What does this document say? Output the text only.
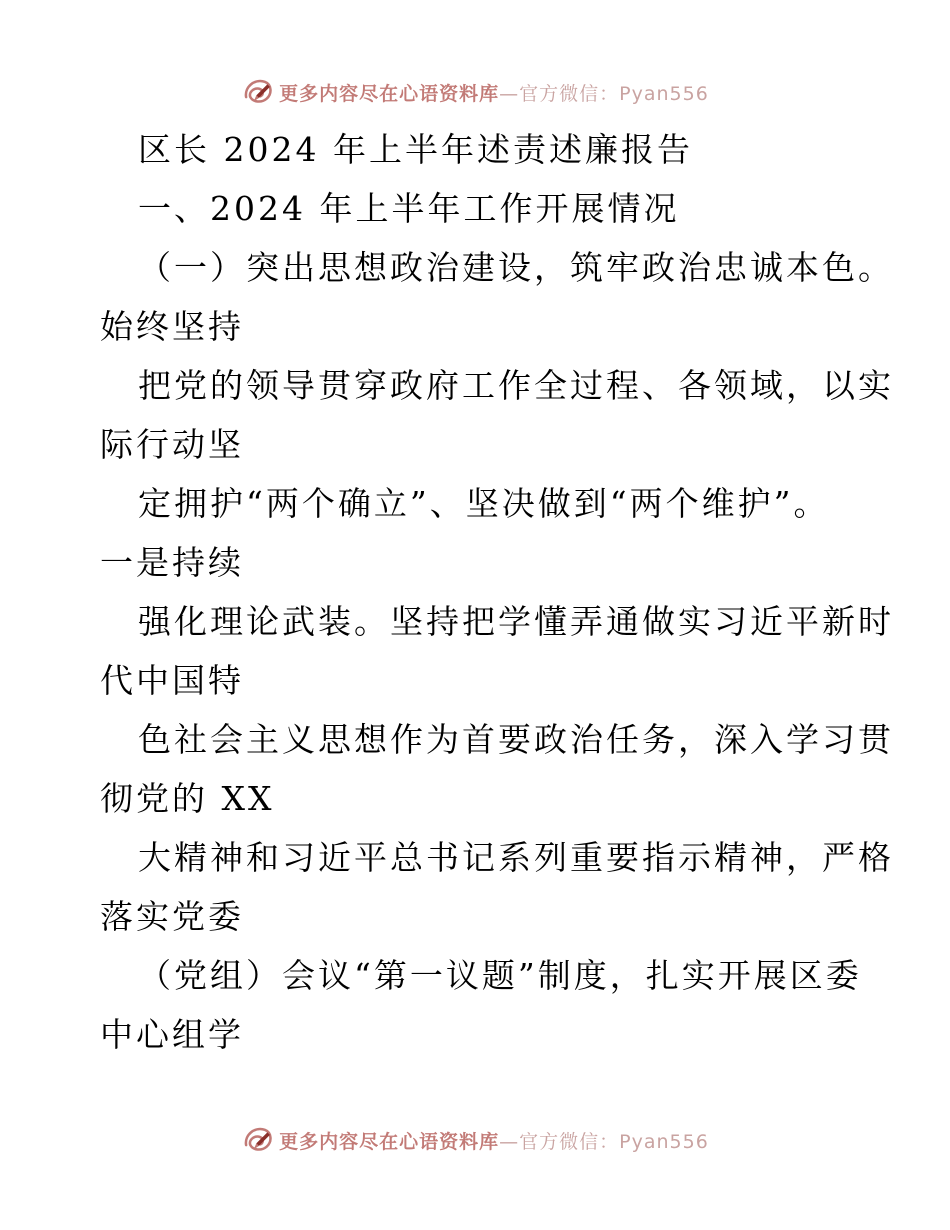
更多内容尽在心语资料库—官方微信：Pyan556
区长 2024 年上半年述责述廉报告
一、2024 年上半年工作开展情况
（一）突出思想政治建设，筑牢政治忠诚本色。
始终坚持
把党的领导贯穿政府工作全过程、各领域，以实
际行动坚
定拥护“两个确立”、坚决做到“两个维护”。
一是持续
强化理论武装。坚持把学懂弄通做实习近平新时
代中国特
色社会主义思想作为首要政治任务，深入学习贯
彻党的 XX
大精神和习近平总书记系列重要指示精神，严格
落实党委
（党组）会议“第一议题”制度，扎实开展区委
中心组学
更多内容尽在心语资料库—官方微信：Pyan556
